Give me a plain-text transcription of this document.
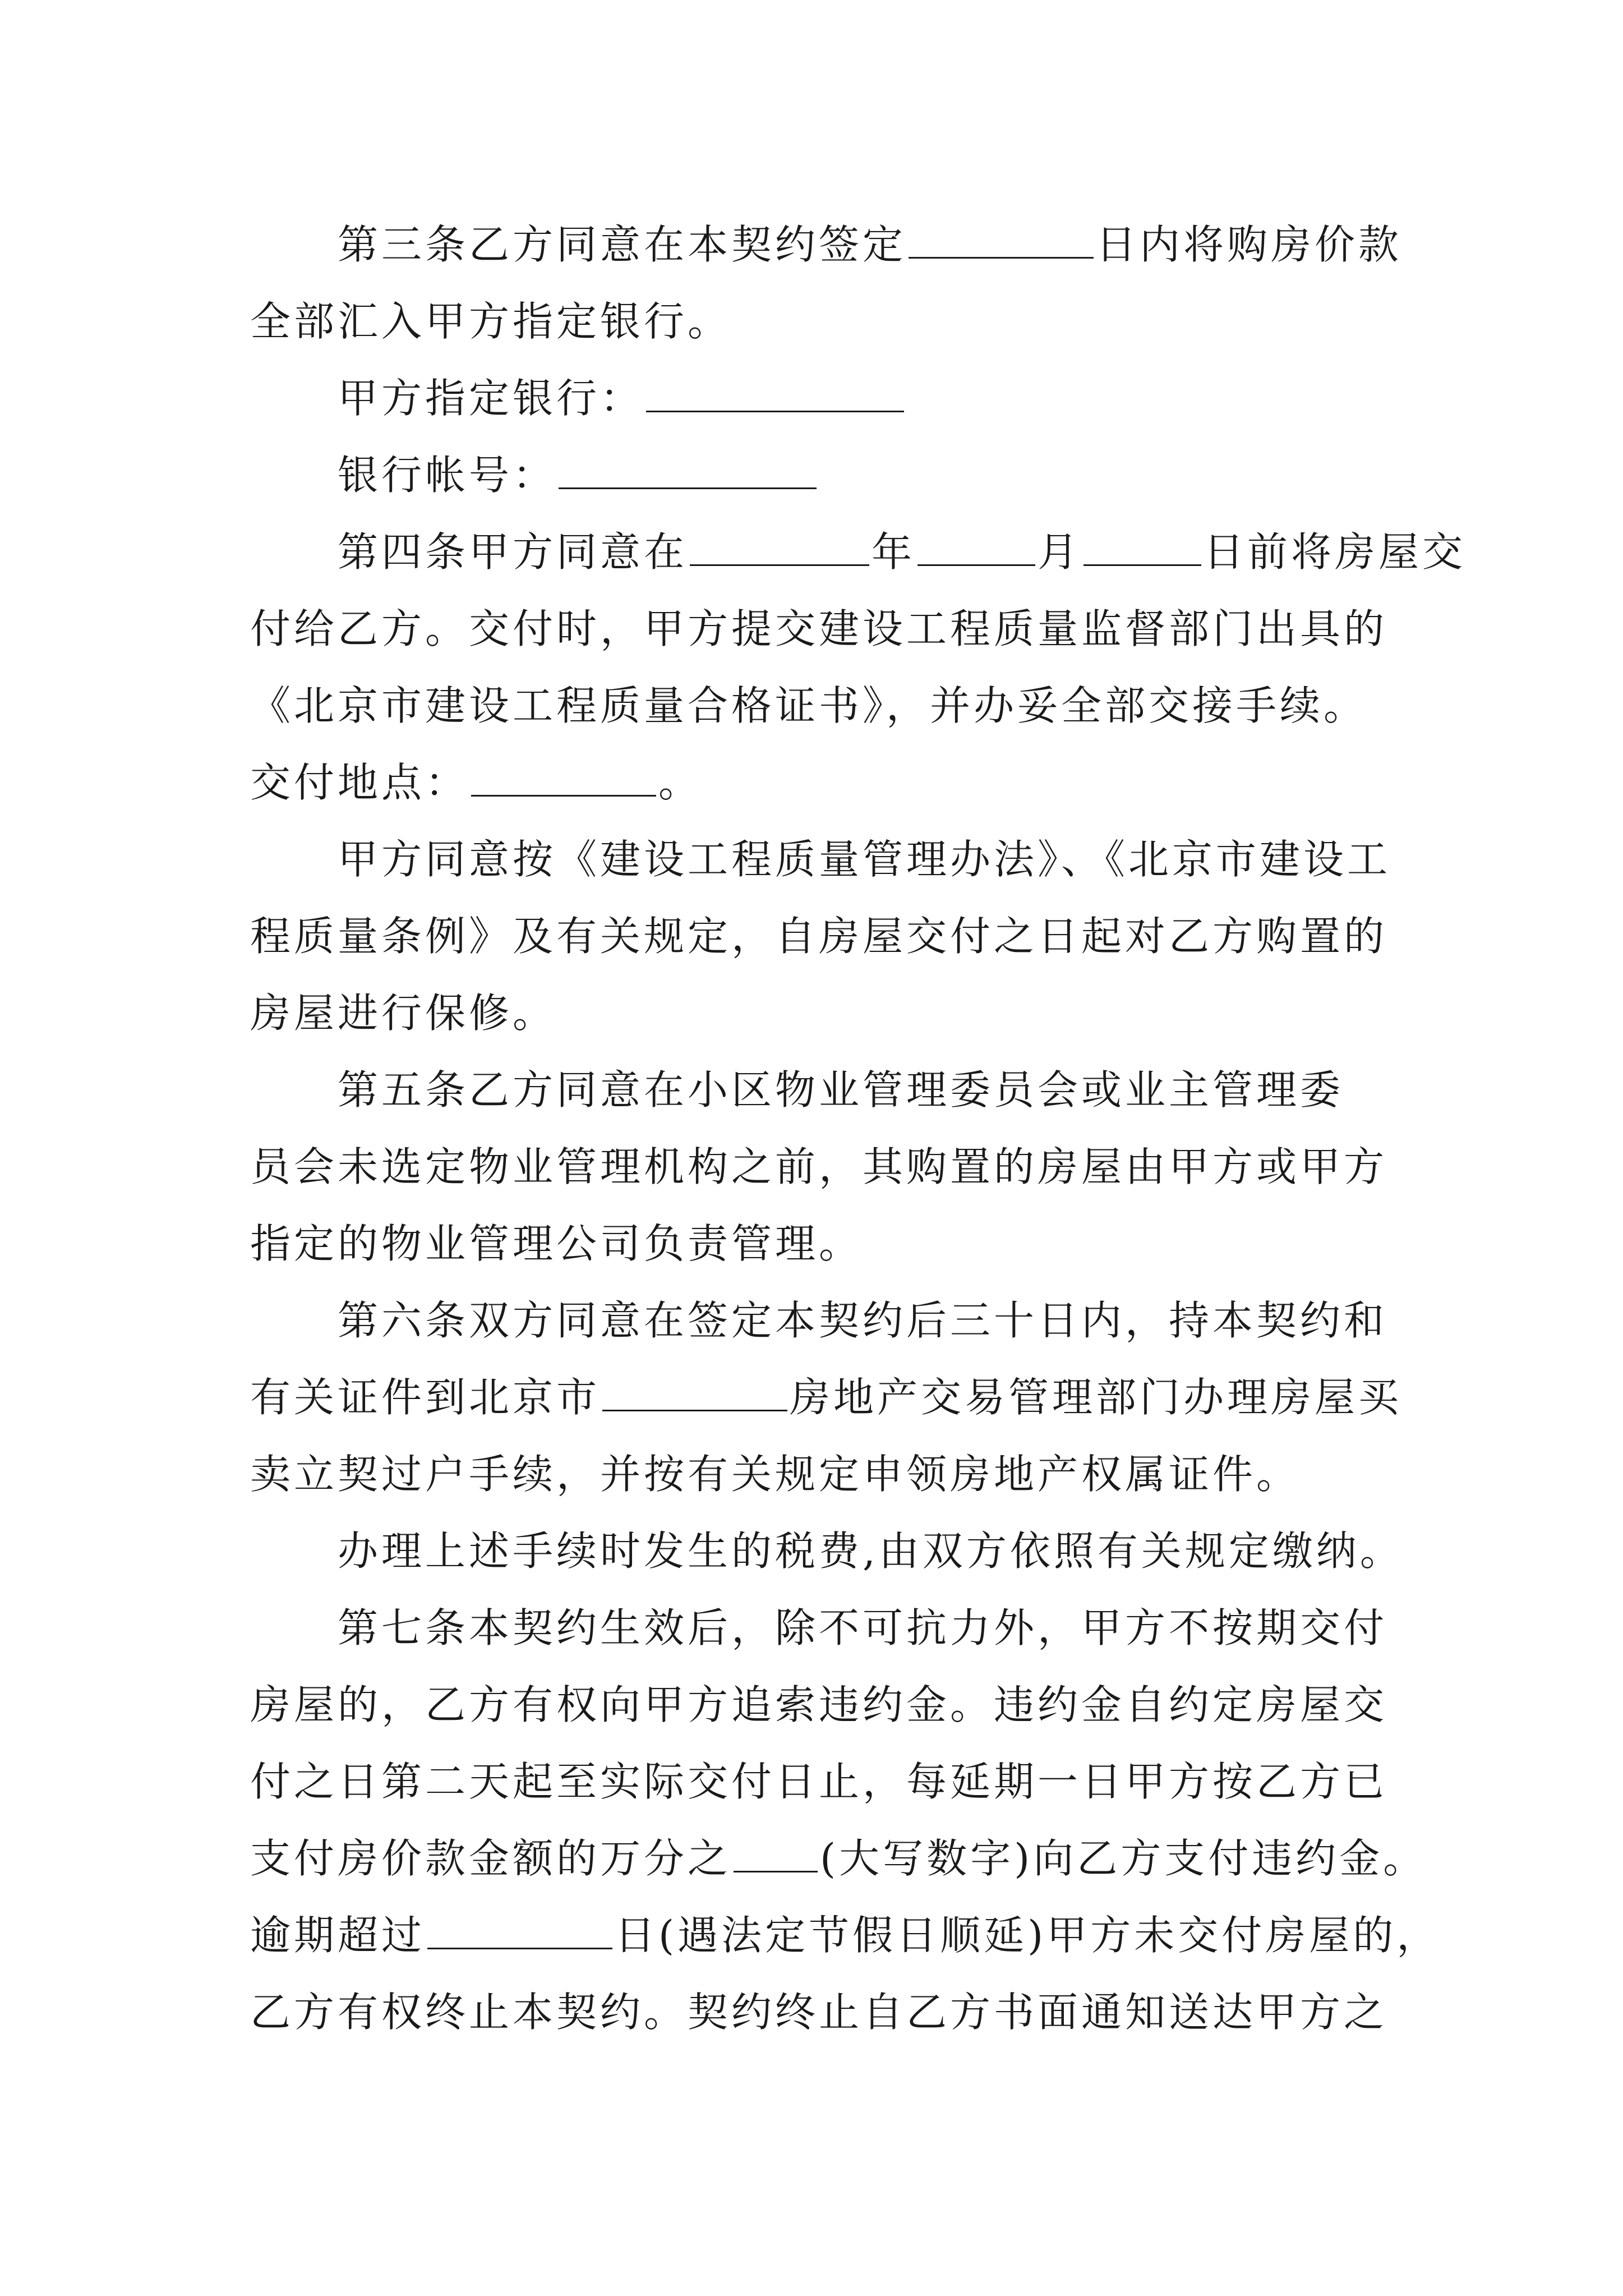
第三条乙方同意在本契约签定	日内将购房价款
全部汇入甲方指定银行。
甲方指定银行：
银行帐号：
第四条甲方同意在	年	月	日前将房屋交
付给乙方。交付时，甲方提交建设工程质量监督部门出具的
《北京市建设工程质量合格证书》，并办妥全部交接手续。
交付地点：	。
甲方同意按《建设工程质量管理办法》、《北京市建设工
程质量条例》及有关规定，自房屋交付之日起对乙方购置的
房屋进行保修。
第五条乙方同意在小区物业管理委员会或业主管理委
员会未选定物业管理机构之前，其购置的房屋由甲方或甲方
指定的物业管理公司负责管理。
第六条双方同意在签定本契约后三十日内，持本契约和
有关证件到北京市	房地产交易管理部门办理房屋买
卖立契过户手续，并按有关规定申领房地产权属证件。
办理上述手续时发生的税费,由双方依照有关规定缴纳。
第七条本契约生效后，除不可抗力外，甲方不按期交付
房屋的，乙方有权向甲方追索违约金。违约金自约定房屋交
付之日第二天起至实际交付日止，每延期一日甲方按乙方已
支付房价款金额的万分之 (大写数字)向乙方支付违约金。
逾期超过	日(遇法定节假日顺延)甲方未交付房屋的，
乙方有权终止本契约。契约终止自乙方书面通知送达甲方之
